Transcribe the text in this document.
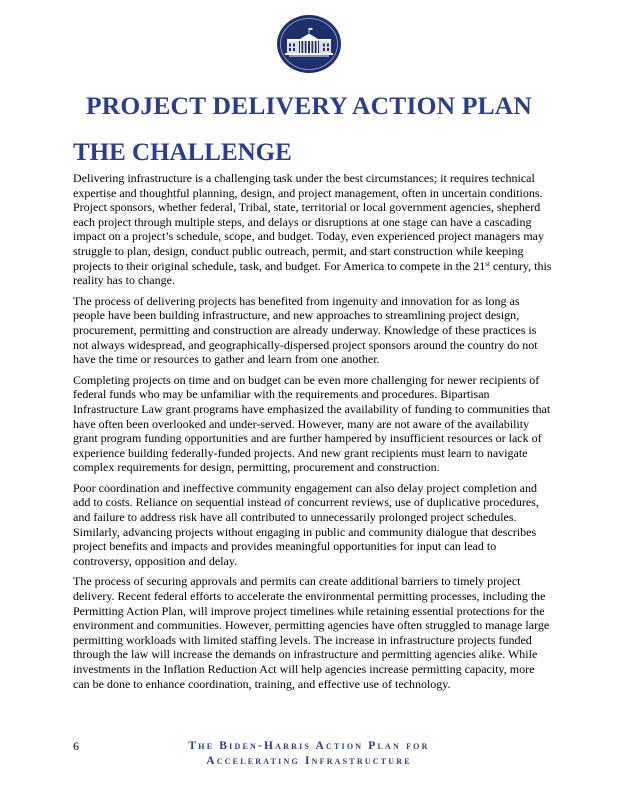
PROJECT DELIVERY ACTION PLAN
THE CHALLENGE

Delivering infrastructure is a challenging task under the best circumstances; it requires technical expertise and thoughtful planning, design, and project management, often in uncertain conditions. Project sponsors, whether federal, Tribal, state, territorial or local government agencies, shepherd each project through multiple steps, and delays or disruptions at one stage can have a cascading impact on a project’s schedule, scope, and budget. Today, even experienced project managers may struggle to plan, design, conduct public outreach, permit, and start construction while keeping projects to their original schedule, task, and budget. For America to compete in the 21st century, this reality has to change.

The process of delivering projects has benefited from ingenuity and innovation for as long as people have been building infrastructure, and new approaches to streamlining project design, procurement, permitting and construction are already underway. Knowledge of these practices is not always widespread, and geographically-dispersed project sponsors around the country do not have the time or resources to gather and learn from one another.

Completing projects on time and on budget can be even more challenging for newer recipients of federal funds who may be unfamiliar with the requirements and procedures. Bipartisan Infrastructure Law grant programs have emphasized the availability of funding to communities that have often been overlooked and under-served. However, many are not aware of the availability grant program funding opportunities and are further hampered by insufficient resources or lack of experience building federally-funded projects. And new grant recipients must learn to navigate complex requirements for design, permitting, procurement and construction.

Poor coordination and ineffective community engagement can also delay project completion and add to costs. Reliance on sequential instead of concurrent reviews, use of duplicative procedures, and failure to address risk have all contributed to unnecessarily prolonged project schedules. Similarly, advancing projects without engaging in public and community dialogue that describes project benefits and impacts and provides meaningful opportunities for input can lead to controversy, opposition and delay.

The process of securing approvals and permits can create additional barriers to timely project delivery. Recent federal efforts to accelerate the environmental permitting processes, including the Permitting Action Plan, will improve project timelines while retaining essential protections for the environment and communities. However, permitting agencies have often struggled to manage large permitting workloads with limited staffing levels. The increase in infrastructure projects funded through the law will increase the demands on infrastructure and permitting agencies alike. While investments in the Inflation Reduction Act will help agencies increase permitting capacity, more can be done to enhance coordination, training, and effective use of technology.

6	The Biden-Harris Action Plan for
Accelerating Infrastructure
